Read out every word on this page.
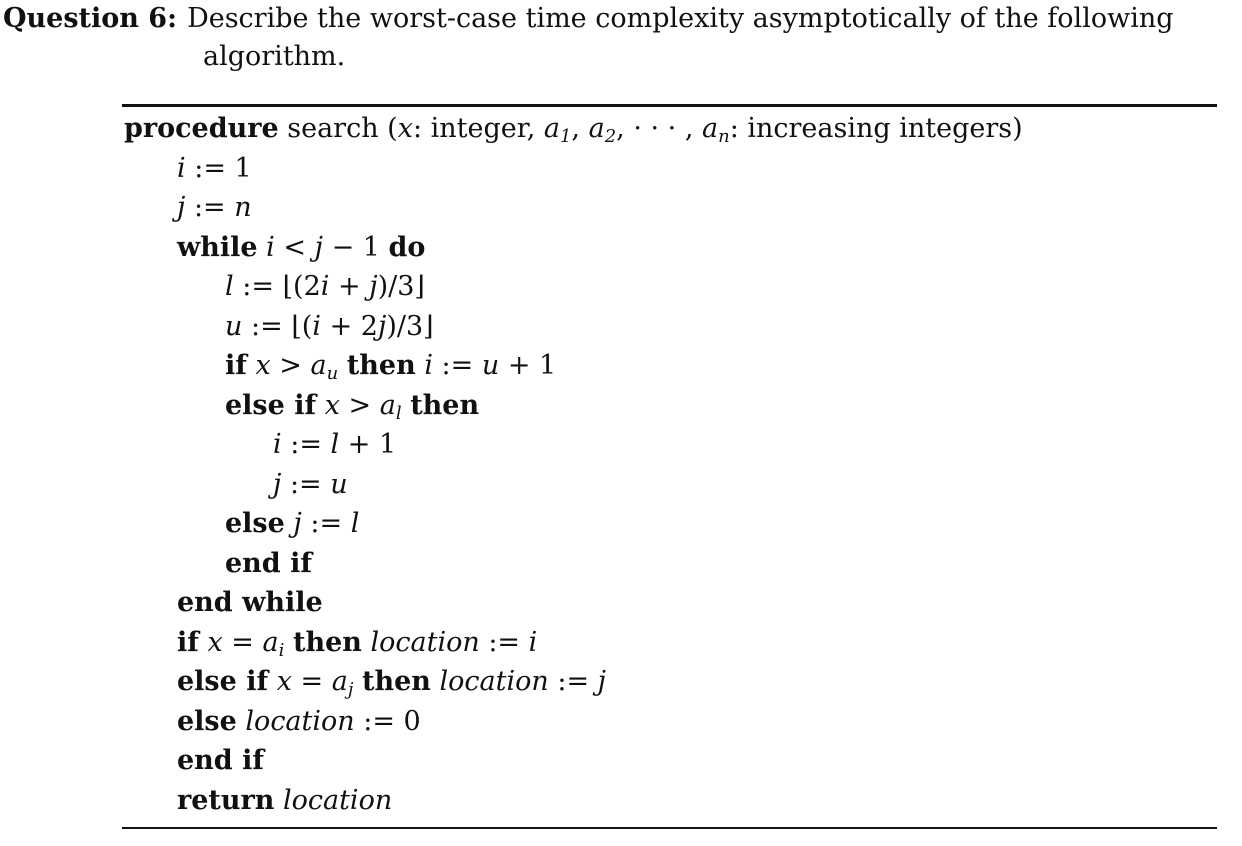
Question 6: Describe the worst-case time complexity asymptotically of the following
algorithm.
procedure search (x: integer, $a_1$, $a_2$, · · · , $a_n$: increasing integers)
i := 1
j := n
while i < j − 1 do
l := ⌊(2i + j)/3⌋
u := ⌊(i + 2j)/3⌋
if $x > a_u$ then i := u + 1
else if $x > a_l$ then
i := l + 1
j := u
else j := l
end if
end while
if $x = a_i$ then location := i
else if $x = a_j$ then location := j
else location := 0
end if
return location
